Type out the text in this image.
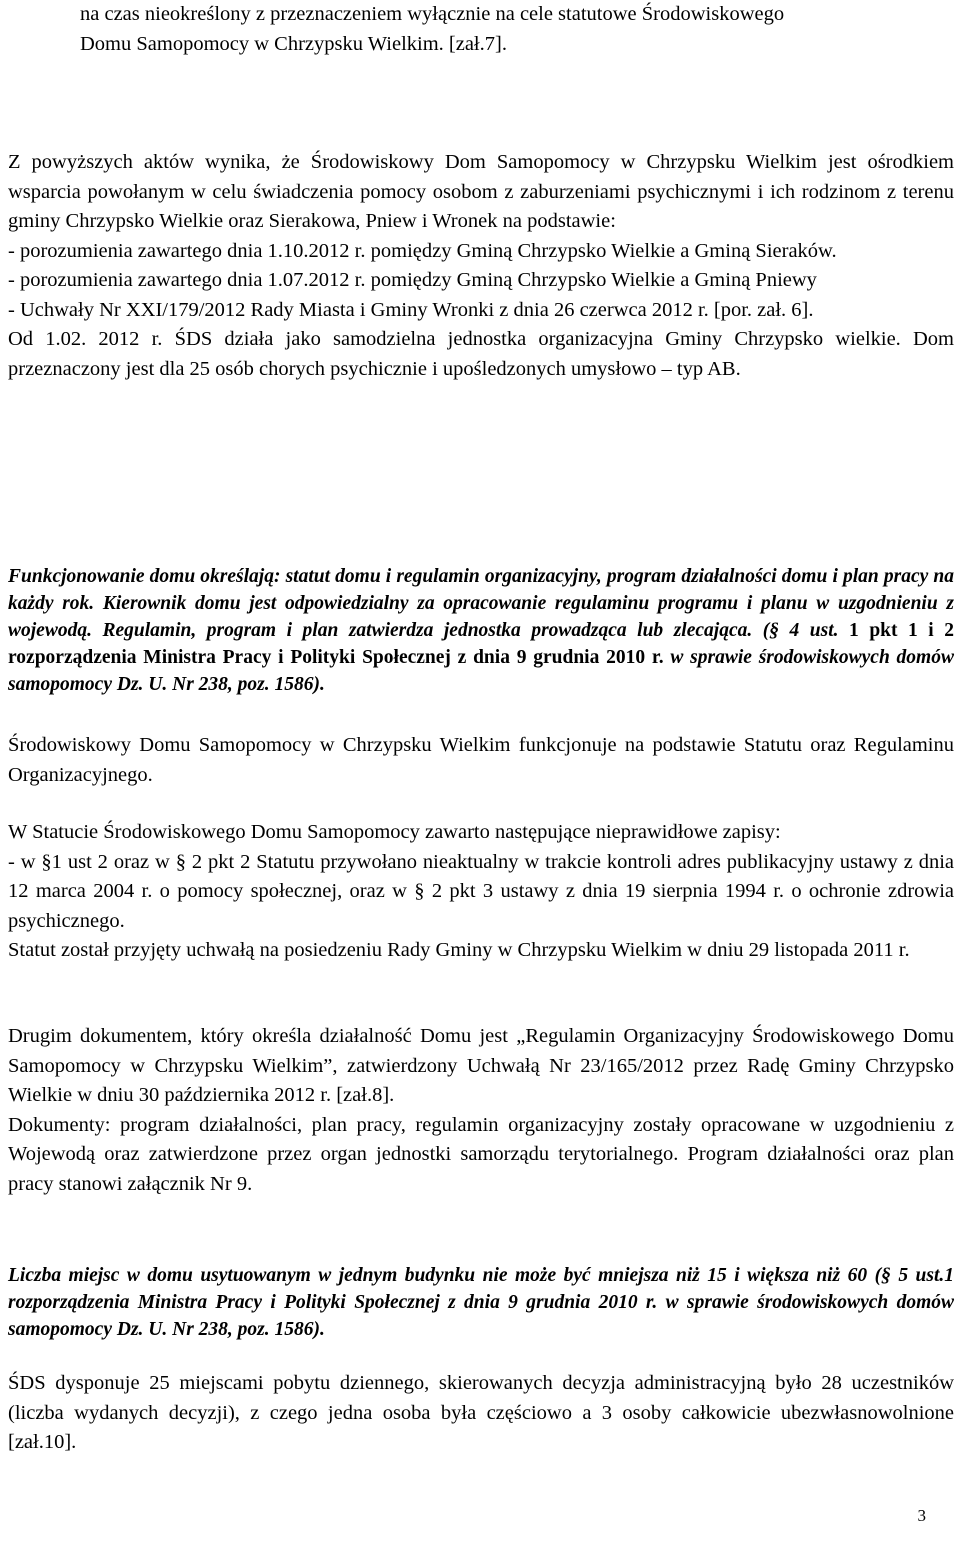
na czas nieokreślony z przeznaczeniem wyłącznie na cele statutowe Środowiskowego
Domu Samopomocy w Chrzypsku Wielkim. [zał.7].

Z powyższych aktów wynika, że Środowiskowy Dom Samopomocy w Chrzypsku Wielkim jest ośrodkiem wsparcia powołanym w celu świadczenia pomocy osobom z zaburzeniami psychicznymi i ich rodzinom z terenu gminy Chrzypsko Wielkie oraz Sierakowa, Pniew i Wronek na podstawie:

- porozumienia zawartego dnia 1.10.2012 r. pomiędzy Gminą Chrzypsko Wielkie a Gminą Sieraków.

- porozumienia zawartego dnia 1.07.2012 r. pomiędzy Gminą Chrzypsko Wielkie a Gminą Pniewy

- Uchwały Nr XXI/179/2012 Rady Miasta i Gminy Wronki z dnia 26 czerwca 2012 r. [por. zał. 6].

Od 1.02. 2012 r. ŚDS działa jako samodzielna jednostka organizacyjna Gminy Chrzypsko wielkie. Dom przeznaczony jest dla 25 osób chorych psychicznie i upośledzonych umysłowo – typ AB.

Funkcjonowanie domu określają: statut domu i regulamin organizacyjny, program działalności domu i plan pracy na każdy rok. Kierownik domu jest odpowiedzialny za opracowanie regulaminu programu i planu w uzgodnieniu z wojewodą. Regulamin, program i plan zatwierdza jednostka prowadząca lub zlecająca. (§ 4 ust. 1 pkt 1 i 2 rozporządzenia Ministra Pracy i Polityki Społecznej z dnia 9 grudnia 2010 r. w sprawie środowiskowych domów samopomocy Dz. U. Nr 238, poz. 1586).

Środowiskowy Domu Samopomocy w Chrzypsku Wielkim funkcjonuje na podstawie Statutu oraz Regulaminu Organizacyjnego.

W Statucie Środowiskowego Domu Samopomocy zawarto następujące nieprawidłowe zapisy:

- w §1 ust 2 oraz w § 2 pkt 2 Statutu przywołano nieaktualny w trakcie kontroli adres publikacyjny ustawy z dnia 12 marca 2004 r. o pomocy społecznej, oraz w § 2 pkt 3 ustawy z dnia 19 sierpnia 1994 r. o ochronie zdrowia psychicznego.

Statut został przyjęty uchwałą na posiedzeniu Rady Gminy w Chrzypsku Wielkim w dniu 29 listopada 2011 r.

Drugim dokumentem, który określa działalność Domu jest „Regulamin Organizacyjny Środowiskowego Domu Samopomocy w Chrzypsku Wielkim”, zatwierdzony Uchwałą Nr 23/165/2012 przez Radę Gminy Chrzypsko Wielkie w dniu 30 października 2012 r. [zał.8].

Dokumenty: program działalności, plan pracy, regulamin organizacyjny zostały opracowane w uzgodnieniu z Wojewodą oraz zatwierdzone przez organ jednostki samorządu terytorialnego. Program działalności oraz plan pracy stanowi załącznik Nr 9.

Liczba miejsc w domu usytuowanym w jednym budynku nie może być mniejsza niż 15 i większa niż 60 (§ 5 ust.1 rozporządzenia Ministra Pracy i Polityki Społecznej z dnia 9 grudnia 2010 r. w sprawie środowiskowych domów samopomocy Dz. U. Nr 238, poz. 1586).

ŚDS dysponuje 25 miejscami pobytu dziennego, skierowanych decyzja administracyjną było 28 uczestników (liczba wydanych decyzji), z czego jedna osoba była częściowo a 3 osoby całkowicie ubezwłasnowolnione [zał.10].

3
